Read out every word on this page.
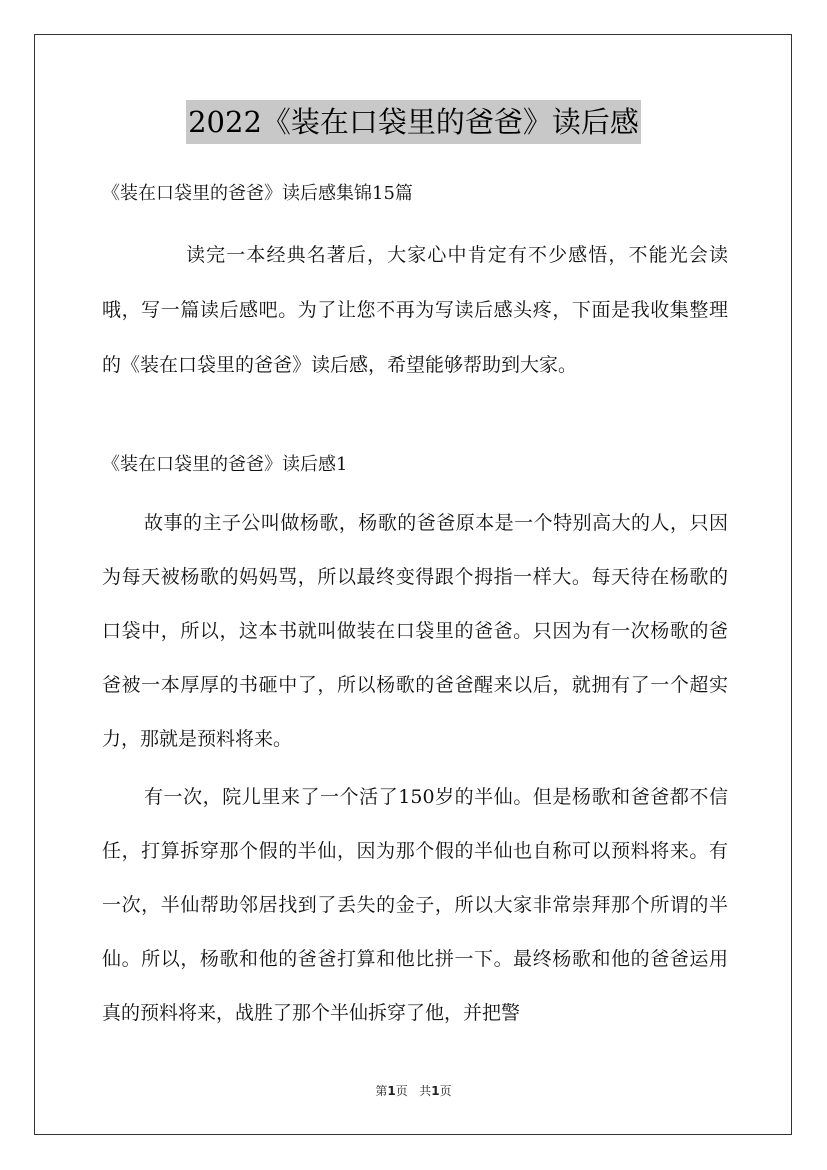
2022《装在口袋里的爸爸》读后感
《装在口袋里的爸爸》读后感集锦15篇
读完一本经典名著后，大家心中肯定有不少感悟，不能光会读哦，写一篇读后感吧。为了让您不再为写读后感头疼，下面是我收集整理的《装在口袋里的爸爸》读后感，希望能够帮助到大家。
《装在口袋里的爸爸》读后感1

故事的主子公叫做杨歌，杨歌的爸爸原本是一个特别高大的人，只因为每天被杨歌的妈妈骂，所以最终变得跟个拇指一样大。每天待在杨歌的口袋中，所以，这本书就叫做装在口袋里的爸爸。只因为有一次杨歌的爸爸被一本厚厚的书砸中了，所以杨歌的爸爸醒来以后，就拥有了一个超实力，那就是预料将来。

有一次，院儿里来了一个活了150岁的半仙。但是杨歌和爸爸都不信任，打算拆穿那个假的半仙，因为那个假的半仙也自称可以预料将来。有一次，半仙帮助邻居找到了丢失的金子，所以大家非常崇拜那个所谓的半仙。所以，杨歌和他的爸爸打算和他比拼一下。最终杨歌和他的爸爸运用真的预料将来，战胜了那个半仙拆穿了他，并把警

第1页 共1页
